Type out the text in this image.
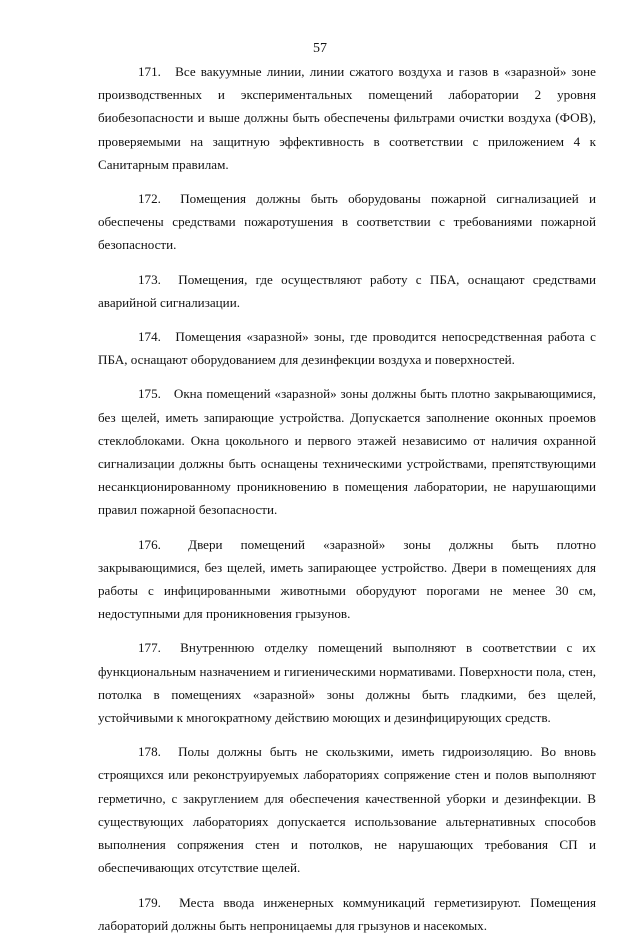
57

171. Все вакуумные линии, линии сжатого воздуха и газов в «заразной» зоне производственных и экспериментальных помещений лаборатории 2 уровня биобезопасности и выше должны быть обеспечены фильтрами очистки воздуха (ФОВ), проверяемыми на защитную эффективность в соответствии с приложением 4 к Санитарным правилам.

172. Помещения должны быть оборудованы пожарной сигнализацией и обеспечены средствами пожаротушения в соответствии с требованиями пожарной безопасности.

173. Помещения, где осуществляют работу с ПБА, оснащают средствами аварийной сигнализации.

174. Помещения «заразной» зоны, где проводится непосредственная работа с ПБА, оснащают оборудованием для дезинфекции воздуха и поверхностей.

175. Окна помещений «заразной» зоны должны быть плотно закрывающимися, без щелей, иметь запирающие устройства. Допускается заполнение оконных проемов стеклоблоками. Окна цокольного и первого этажей независимо от наличия охранной сигнализации должны быть оснащены техническими устройствами, препятствующими несанкционированному проникновению в помещения лаборатории, не нарушающими правил пожарной безопасности.

176. Двери помещений «заразной» зоны должны быть плотно закрывающимися, без щелей, иметь запирающее устройство. Двери в помещениях для работы с инфицированными животными оборудуют порогами не менее 30 см, недоступными для проникновения грызунов.

177. Внутреннюю отделку помещений выполняют в соответствии с их функциональным назначением и гигиеническими нормативами. Поверхности пола, стен, потолка в помещениях «заразной» зоны должны быть гладкими, без щелей, устойчивыми к многократному действию моющих и дезинфицирующих средств.

178. Полы должны быть не скользкими, иметь гидроизоляцию. Во вновь строящихся или реконструируемых лабораториях сопряжение стен и полов выполняют герметично, с закруглением для обеспечения качественной уборки и дезинфекции. В существующих лабораториях допускается использование альтернативных способов выполнения сопряжения стен и потолков, не нарушающих требования СП и обеспечивающих отсутствие щелей.

179. Места ввода инженерных коммуникаций герметизируют. Помещения лабораторий должны быть непроницаемы для грызунов и насекомых.
